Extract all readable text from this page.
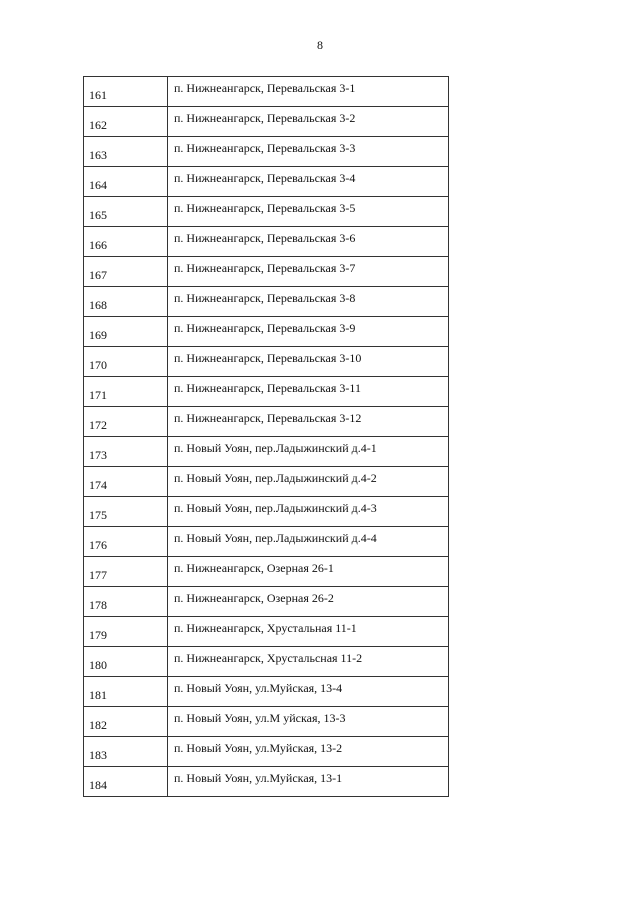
8
161	п. Нижнеангарск, Перевальская 3-1
162	п. Нижнеангарск, Перевальская 3-2
163	п. Нижнеангарск, Перевальская 3-3
164	п. Нижнеангарск, Перевальская 3-4
165	п. Нижнеангарск, Перевальская 3-5
166	п. Нижнеангарск, Перевальская 3-6
167	п. Нижнеангарск, Перевальская 3-7
168	п. Нижнеангарск, Перевальская 3-8
169	п. Нижнеангарск, Перевальская 3-9
170	п. Нижнеангарск, Перевальская 3-10
171	п. Нижнеангарск, Перевальская 3-11
172	п. Нижнеангарск, Перевальская 3-12
173	п. Новый Уоян, пер.Ладыжинский д.4-1
174	п. Новый Уоян, пер.Ладыжинский д.4-2
175	п. Новый Уоян, пер.Ладыжинский д.4-3
176	п. Новый Уоян, пер.Ладыжинский д.4-4
177	п. Нижнеангарск, Озерная 26-1
178	п. Нижнеангарск, Озерная 26-2
179	п. Нижнеангарск, Хрустальная 11-1
180	п. Нижнеангарск, Хрустальсная 11-2
181	п. Новый Уоян, ул.Муйская, 13-4
182	п. Новый Уоян, ул.М уйская, 13-3
183	п. Новый Уоян, ул.Муйская, 13-2
184	п. Новый Уоян, ул.Муйская, 13-1
